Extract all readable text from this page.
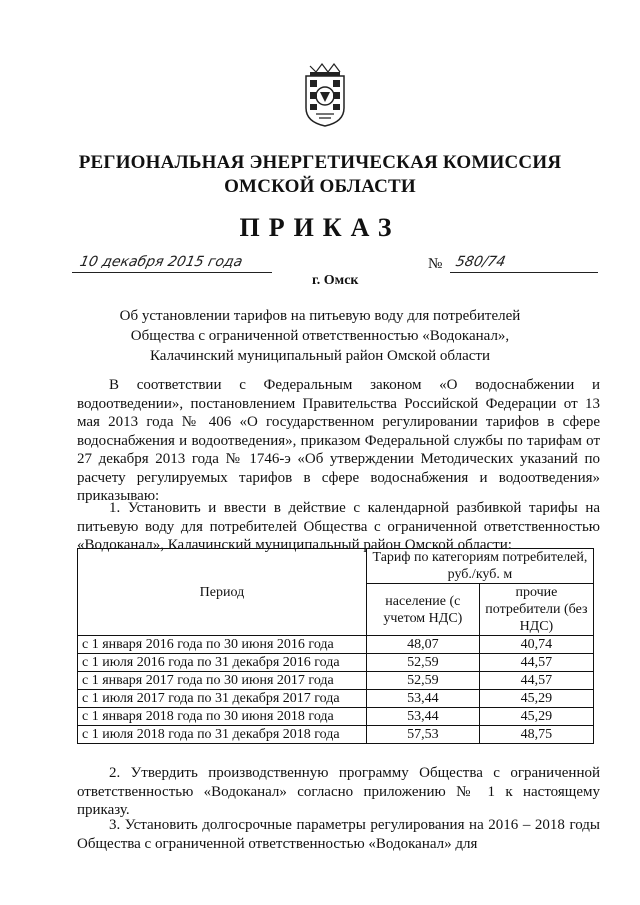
РЕГИОНАЛЬНАЯ ЭНЕРГЕТИЧЕСКАЯ КОМИССИЯ
ОМСКОЙ ОБЛАСТИ
ПРИКАЗ
10 декабря 2015 года
г. Омск
№ 580/74
Об установлении тарифов на питьевую воду для потребителей
Общества с ограниченной ответственностью «Водоканал»,
Калачинский муниципальный район Омской области
В соответствии с Федеральным законом «О водоснабжении и водоотведении», постановлением Правительства Российской Федерации от 13 мая 2013 года № 406 «О государственном регулировании тарифов в сфере водоснабжения и водоотведения», приказом Федеральной службы по тарифам от 27 декабря 2013 года № 1746-э «Об утверждении Методических указаний по расчету регулируемых тарифов в сфере водоснабжения и водоотведения» приказываю:
1. Установить и ввести в действие с календарной разбивкой тарифы на питьевую воду для потребителей Общества с ограниченной ответственностью «Водоканал», Калачинский муниципальный район Омской области:
Период	Тариф по категориям потребителей, руб./куб. м	
	население (с учетом НДС)	прочие потребители (без НДС)
с 1 января 2016 года по 30 июня 2016 года	48,07	40,74
с 1 июля 2016 года по 31 декабря 2016 года	52,59	44,57
с 1 января 2017 года по 30 июня 2017 года	52,59	44,57
с 1 июля 2017 года по 31 декабря 2017 года	53,44	45,29
с 1 января 2018 года по 30 июня 2018 года	53,44	45,29
с 1 июля 2018 года по 31 декабря 2018 года	57,53	48,75
2. Утвердить производственную программу Общества с ограниченной ответственностью «Водоканал» согласно приложению № 1 к настоящему приказу.
3. Установить долгосрочные параметры регулирования на 2016 – 2018 годы Общества с ограниченной ответственностью «Водоканал» для
